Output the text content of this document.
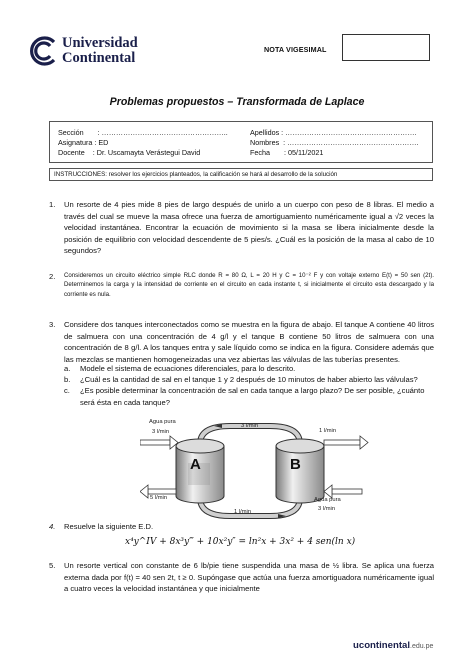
Universidad
Continental
NOTA VIGESIMAL
Problemas propuestos – Transformada de Laplace
Sección       : ……………………………………………..
Asignatura : ED
Docente    : Dr. Uscamayta Verástegui David
Apellidos : ……………………………………………….
Nombres  : ……………………………………………….
Fecha       : 05/11/2021
INSTRUCCIONES: resolver los ejercicios planteados, la calificación se hará al desarrollo de la solución
1. Un resorte de 4 pies mide 8 pies de largo después de unirlo a un cuerpo con peso de 8 libras. El medio a través del cual se mueve la masa ofrece una fuerza de amortiguamiento numéricamente igual a √2 veces la velocidad instantánea. Encontrar la ecuación de movimiento si la masa se libera inicialmente desde la posición de equilibrio con velocidad descendente de 5 pies/s. ¿Cuál es la posición de la masa al cabo de 10 segundos?
2. Consideremos un circuito eléctrico simple RLC donde R = 80 Ω, L = 20 H y C = 10⁻² F y con voltaje externo E(t) = 50 sen (2t). Determinemos la carga y la intensidad de corriente en el circuito en cada instante t, si inicialmente el circuito esta descargado y la corriente es nula.
3. Considere dos tanques interconectados como se muestra en la figura de abajo. El tanque A contiene 40 litros de salmuera con una concentración de 4 g/l y el tanque B contiene 50 litros de salmuera con una concentración de 8 g/l. A los tanques entra y sale líquido como se indica en la figura. Considere además que las mezclas se mantienen homogeneizadas una vez abiertas las válvulas de las tuberías presentes.
a. Modele el sistema de ecuaciones diferenciales, para lo descrito.
b. ¿Cuál es la cantidad de sal en el tanque 1 y 2 después de 10 minutos de haber abierto las válvulas?
c. ¿Es posible determinar la concentración de sal en cada tanque a largo plazo? De ser posible, ¿cuánto será ésta en cada tanque?
A	B
Agua pura
3 l/min
3 l/min
1 l/min
5 l/min
1 l/min
Agua pura
3 l/min
4. Resuelve la siguiente E.D.
x⁴y^IV + 8x³y‴ + 10x²y″ = ln²x + 3x² + 4 sen(ln x)
5. Un resorte vertical con constante de 6 lb/pie tiene suspendida una masa de ½ libra. Se aplica una fuerza externa dada por f(t) = 40 sen 2t, t ≥ 0. Supóngase que actúa una fuerza amortiguadora numéricamente igual a cuatro veces la velocidad instantánea y que inicialmente
ucontinental.edu.pe
